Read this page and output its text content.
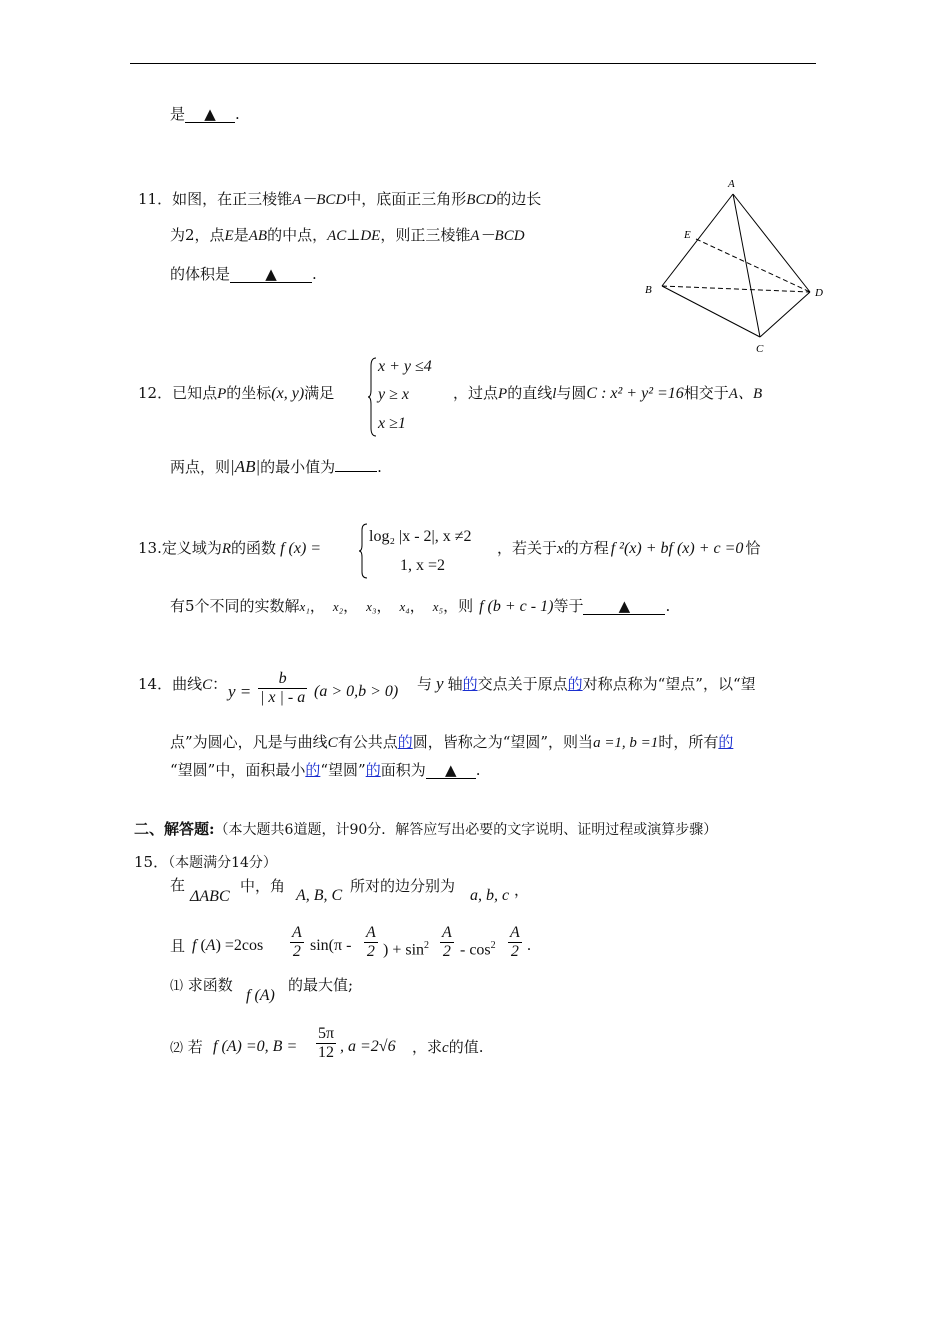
是 ▲ .
11．如图，在正三棱锥A－BCD中，底面正三角形BCD的边长
为2，点E是AB的中点，AC⊥DE，则正三棱锥A－BCD
的体积是 ▲ .
A
E
B	D
C
12．已知点P的坐标(x, y)满足
x + y ≤4
y ≥ x
x ≥1
，过点P的直线l与圆C : x² + y² =16相交于A、B
两点，则|AB|的最小值为	.
13.定义域为R的函数 f (x) =
log₂ |x - 2|, x ≠2
1, x =2
，若关于x的方程 f ²(x) + bf (x) + c =0 恰
有5个不同的实数解x₁， x₂， x₃， x₄， x₅，则 f (b + c - 1)等于 ▲ .
14．曲线C： $y = \frac{b}{| x | - a} (a > 0,b > 0)$ 与 y 轴的交点关于原点的对称点称为“望点”，以“望
点”为圆心，凡是与曲线C有公共点的圆，皆称之为“望圆”，则当a =1, b =1时，所有的
“望圆”中，面积最小的“望圆”的面积为 ▲ .
二、解答题:（本大题共6道题，计90分．解答应写出必要的文字说明、证明过程或演算步骤）
15．（本题满分14分）
在
ΔABC
中，角
A, B, C
所对的边分别为
a, b, c ，
且 f $(A) =2\cos \frac{A}{2} \sin(\pi - \frac{A}{2}$ ) + $\sin^2 \frac{A}{2} - \cos^2 \frac{A}{2}$ .
⑴ 求函数
f (A)
的最大值;
⑵ 若 f (A) =0, $B = \frac{5\pi}{12}$ , a =2√6 ，求c的值.
